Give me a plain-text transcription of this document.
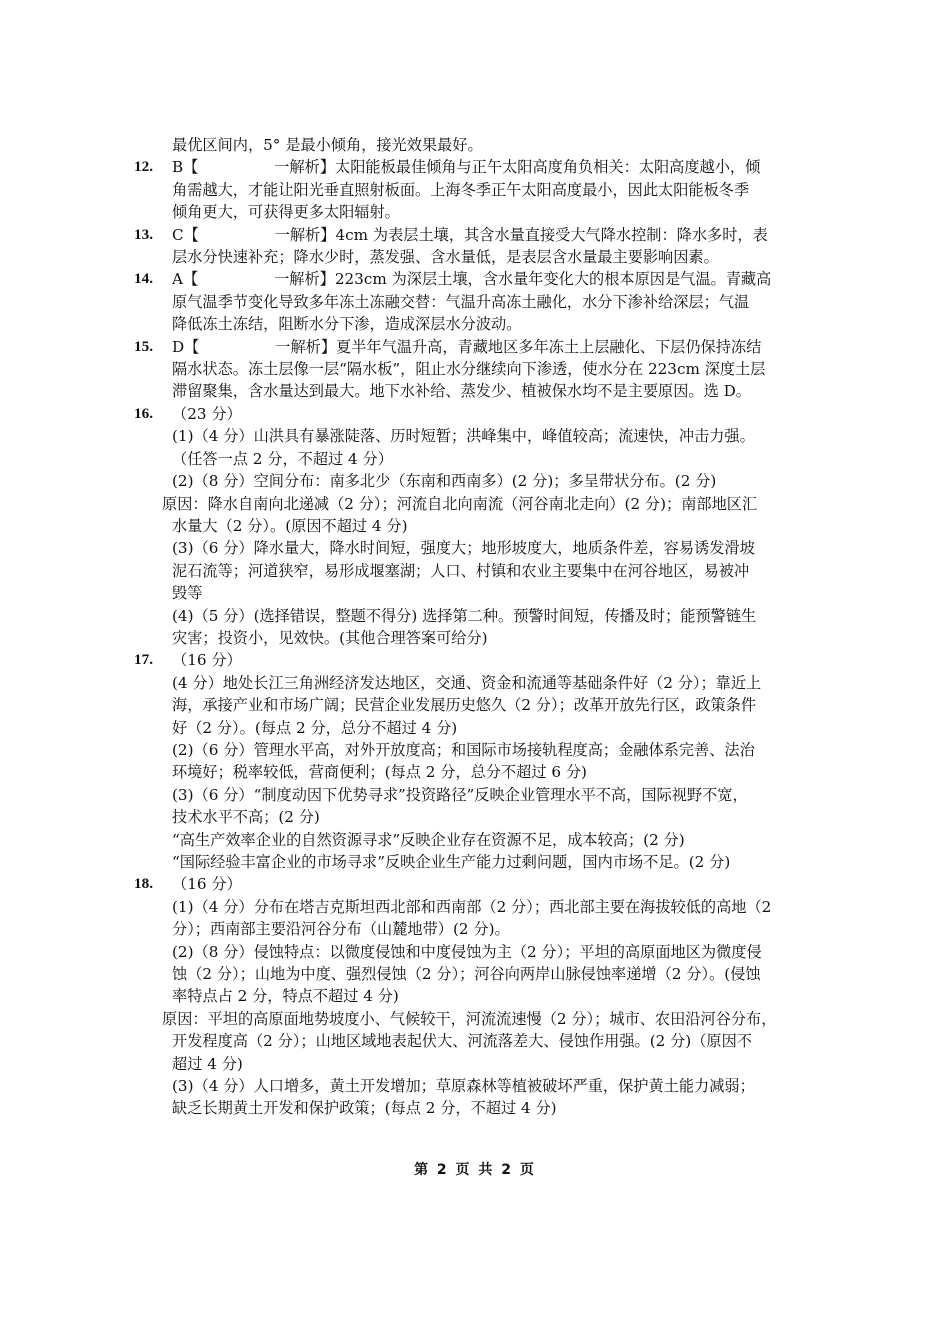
最优区间内，5° 是最小倾角，接光效果最好。
12. B【　　　　　一解析】太阳能板最佳倾角与正午太阳高度角负相关：太阳高度越小，倾
角需越大，才能让阳光垂直照射板面。上海冬季正午太阳高度最小，因此太阳能板冬季
倾角更大，可获得更多太阳辐射。
13. C【　　　　　一解析】4cm 为表层土壤，其含水量直接受大气降水控制：降水多时，表
层水分快速补充；降水少时，蒸发强、含水量低，是表层含水量最主要影响因素。
14. A【　　　　　一解析】223cm 为深层土壤，含水量年变化大的根本原因是气温。青藏高
原气温季节变化导致多年冻土冻融交替：气温升高冻土融化，水分下渗补给深层；气温
降低冻土冻结，阻断水分下渗，造成深层水分波动。
15. D【　　　　　一解析】夏半年气温升高，青藏地区多年冻土上层融化、下层仍保持冻结
隔水状态。冻土层像一层“隔水板”，阻止水分继续向下渗透，使水分在 223cm 深度土层
滞留聚集，含水量达到最大。地下水补给、蒸发少、植被保水均不是主要原因。选 D。
16. （23 分）
(1)（4 分）山洪具有暴涨陡落、历时短暂；洪峰集中，峰值较高；流速快，冲击力强。
（任答一点 2 分，不超过 4 分）
(2)（8 分）空间分布：南多北少（东南和西南多）(2 分)；多呈带状分布。(2 分)
原因：降水自南向北递减（2 分）；河流自北向南流（河谷南北走向）(2 分)；南部地区汇
水量大（2 分）。(原因不超过 4 分)
(3)（6 分）降水量大，降水时间短，强度大；地形坡度大，地质条件差，容易诱发滑坡
泥石流等；河道狭窄，易形成堰塞湖；人口、村镇和农业主要集中在河谷地区，易被冲
毁等
(4)（5 分）(选择错误，整题不得分) 选择第二种。预警时间短，传播及时；能预警链生
灾害；投资小，见效快。(其他合理答案可给分)
17. （16 分）
(4 分）地处长江三角洲经济发达地区，交通、资金和流通等基础条件好（2 分）；靠近上
海，承接产业和市场广阔；民营企业发展历史悠久（2 分）；改革开放先行区，政策条件
好（2 分）。(每点 2 分，总分不超过 4 分)
(2)（6 分）管理水平高，对外开放度高；和国际市场接轨程度高；金融体系完善、法治
环境好；税率较低，营商便利；(每点 2 分，总分不超过 6 分)
(3)（6 分）“制度动因下优势寻求”投资路径”反映企业管理水平不高，国际视野不宽，
技术水平不高；(2 分)
“高生产效率企业的自然资源寻求”反映企业存在资源不足，成本较高；(2 分)
“国际经验丰富企业的市场寻求”反映企业生产能力过剩问题，国内市场不足。(2 分)
18. （16 分）
(1)（4 分）分布在塔吉克斯坦西北部和西南部（2 分）；西北部主要在海拔较低的高地（2
分）；西南部主要沿河谷分布（山麓地带）(2 分)。
(2)（8 分）侵蚀特点：以微度侵蚀和中度侵蚀为主（2 分）；平坦的高原面地区为微度侵
蚀（2 分）；山地为中度、强烈侵蚀（2 分）；河谷向两岸山脉侵蚀率递增（2 分）。(侵蚀
率特点占 2 分，特点不超过 4 分)
原因：平坦的高原面地势坡度小、气候较干，河流流速慢（2 分）；城市、农田沿河谷分布，
开发程度高（2 分）；山地区域地表起伏大、河流落差大、侵蚀作用强。(2 分)（原因不
超过 4 分)
(3)（4 分）人口增多，黄土开发增加；草原森林等植被破坏严重，保护黄土能力减弱；
缺乏长期黄土开发和保护政策；(每点 2 分，不超过 4 分)
第 2 页 共 2 页
